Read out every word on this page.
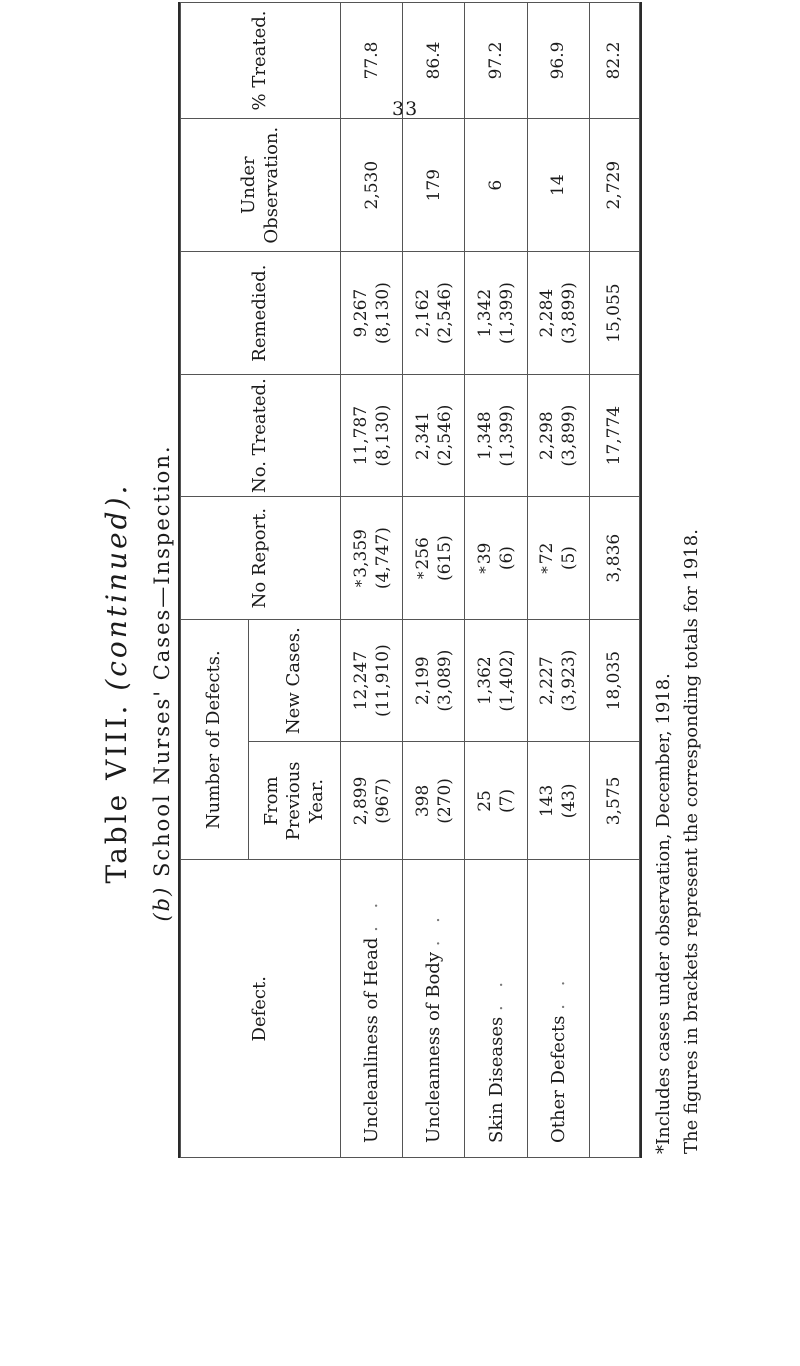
33
Table VIII. (continued).
(b) School Nurses' Cases—Inspection.
Defect.	Number of Defects.		No Report.	No. Treated.	Remedied.	Under Observation.	% Treated.
	From Previous Year.	New Cases.					
Uncleanliness of Head . .	2,899 (967)	12,247 (11,910)	*3,359 (4,747)	11,787 (8,130)	9,267 (8,130)	2,530	77.8

Uncleanness of Body . .	398 (270)	2,199 (3,089)	*256 (615)	2,341 (2,546)	2,162 (2,546)	179	86.4

Skin Diseases . .	25 (7)	1,362 (1,402)	*39 (6)	1,348 (1,399)	1,342 (1,399)	6	97.2

Other Defects . .	143 (43)	2,227 (3,923)	*72 (5)	2,298 (3,899)	2,284 (3,899)	14	96.9

	3,575	18,035	3,836	17,774	15,055	2,729	82.2
*Includes cases under observation, December, 1918. The figures in brackets represent the corresponding totals for 1918.
